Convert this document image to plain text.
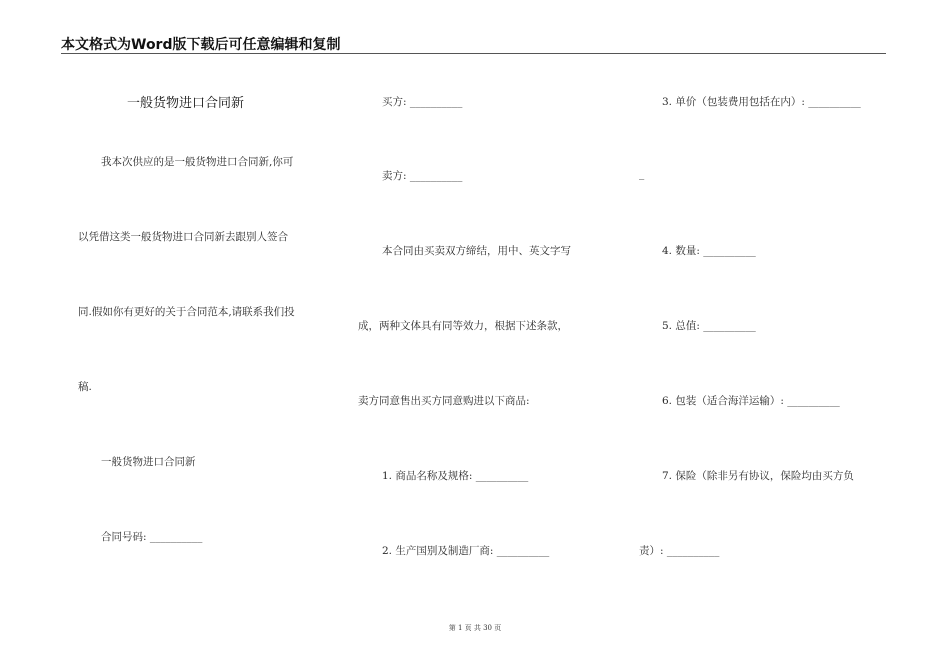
本文格式为Word版下载后可任意编辑和复制
一般货物进口合同新
我本次供应的是一般货物进口合同新,你可
以凭借这类一般货物进口合同新去跟别人签合
同.假如你有更好的关于合同范本,请联系我们投
稿.
一般货物进口合同新
合同号码: __________
买方: __________
卖方: __________
本合同由买卖双方缔结，用中、英文字写
成，两种文体具有同等效力，根据下述条款，
卖方同意售出买方同意购进以下商品:
1. 商品名称及规格: __________
2. 生产国别及制造厂商: __________
3. 单价（包装费用包括在内）: __________
_
4. 数量: __________
5. 总值: __________
6. 包装（适合海洋运输）: __________
7. 保险（除非另有协议，保险均由买方负
责）: __________
第 1 页 共 30 页
